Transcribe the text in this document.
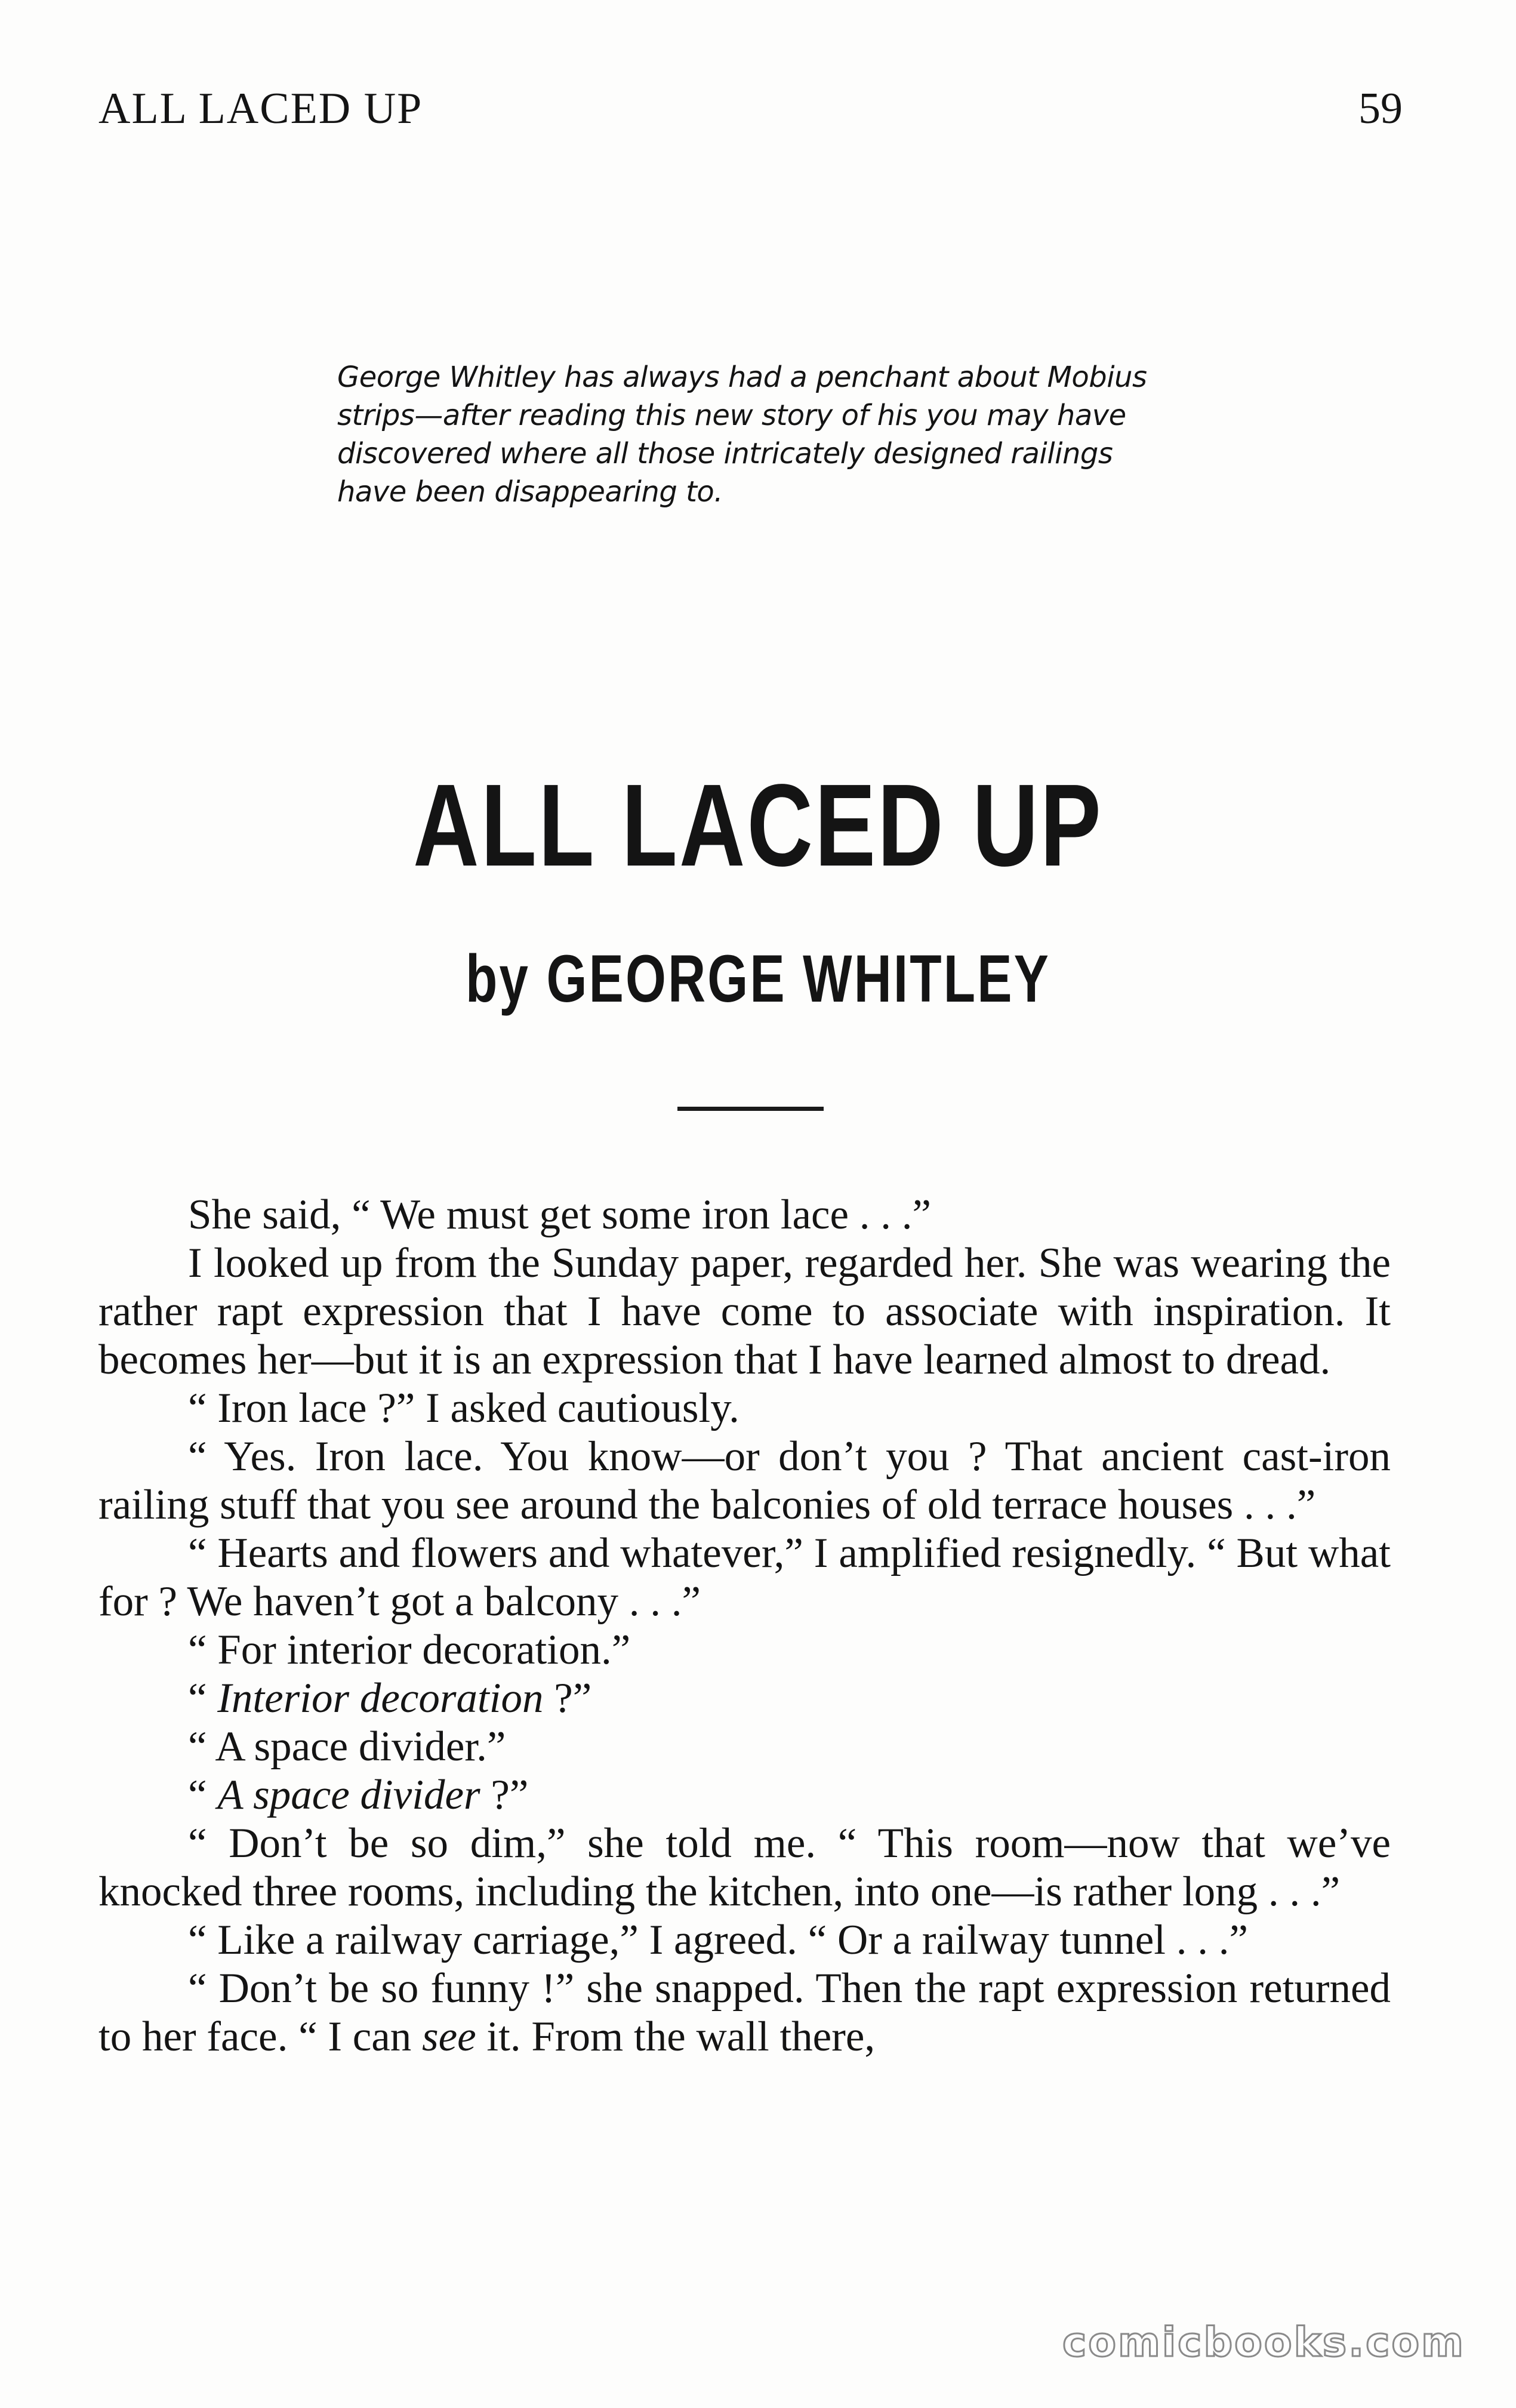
ALL LACED UP	59
George Whitley has always had a penchant about Mobius strips—after reading this new story of his you may have discovered where all those intricately designed railings have been disappearing to.
ALL LACED UP
by GEORGE WHITLEY

She said, “ We must get some iron lace . . .”

I looked up from the Sunday paper, regarded her. She was wearing the rather rapt expression that I have come to associate with inspiration. It becomes her—but it is an expression that I have learned almost to dread.

“ Iron lace ?” I asked cautiously.

“ Yes. Iron lace. You know—or don’t you ? That ancient cast-iron railing stuff that you see around the balconies of old terrace houses . . .”

“ Hearts and flowers and whatever,” I amplified resignedly. “ But what for ? We haven’t got a balcony . . .”

“ For interior decoration.”

“ Interior decoration ?”

“ A space divider.”

“ A space divider ?”

“ Don’t be so dim,” she told me. “ This room—now that we’ve knocked three rooms, including the kitchen, into one—is rather long . . .”

“ Like a railway carriage,” I agreed. “ Or a railway tunnel . . .”

“ Don’t be so funny !” she snapped. Then the rapt expression returned to her face. “ I can see it. From the wall there,

comicbooks.com
